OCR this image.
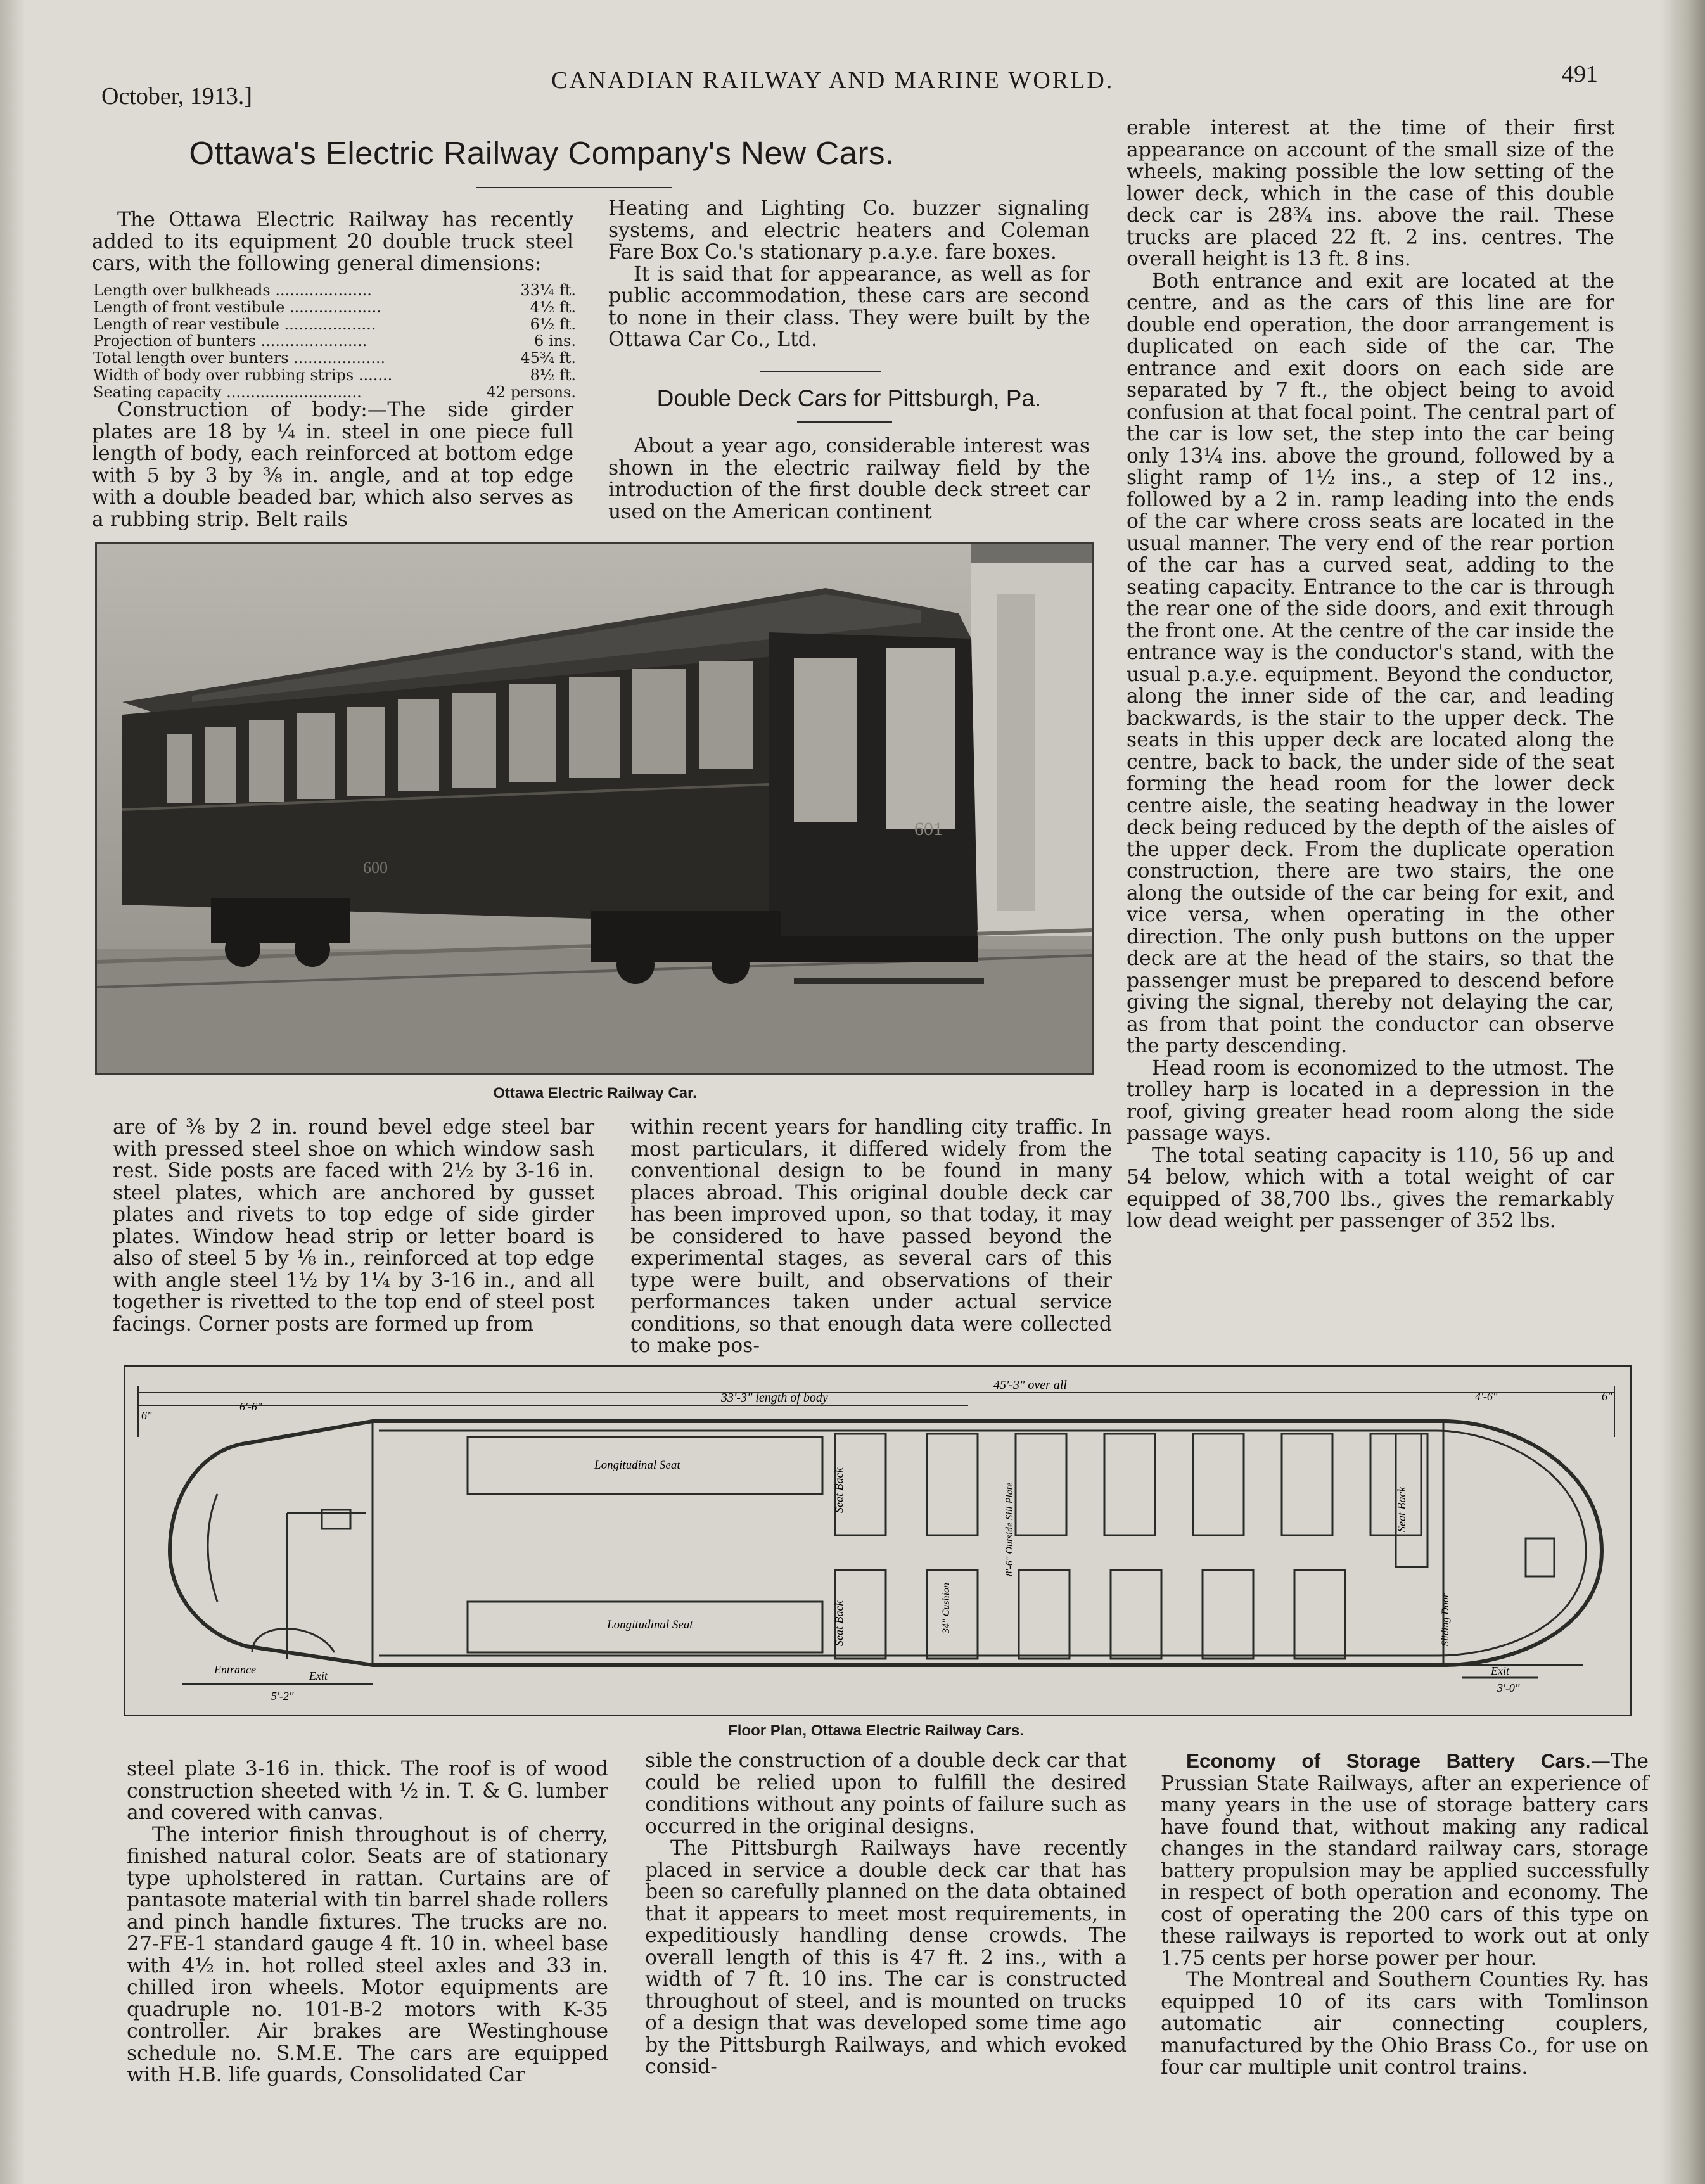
October, 1913.]
CANADIAN RAILWAY AND MARINE WORLD.	491
Ottawa's Electric Railway Company's New Cars.

The Ottawa Electric Railway has recently added to its equipment 20 double truck steel cars, with the following general dimensions:

Length over bulkheads ....................	33¼ ft.
Length of front vestibule ...................	4½ ft.
Length of rear vestibule ...................	6½ ft.
Projection of bunters ......................	6 ins.
Total length over bunters ...................	45¾ ft.
Width of body over rubbing strips .......	8½ ft.
Seating capacity ............................	42 persons.

Construction of body:—The side girder plates are 18 by ¼ in. steel in one piece full length of body, each reinforced at bottom edge with 5 by 3 by ⅜ in. angle, and at top edge with a double beaded bar, which also serves as a rubbing strip. Belt rails

Heating and Lighting Co. buzzer signaling systems, and electric heaters and Coleman Fare Box Co.'s stationary p.a.y.e. fare boxes.

It is said that for appearance, as well as for public accommodation, these cars are second to none in their class. They were built by the Ottawa Car Co., Ltd.

Double Deck Cars for Pittsburgh, Pa.

About a year ago, considerable interest was shown in the electric railway field by the introduction of the first double deck street car used on the American continent

erable interest at the time of their first appearance on account of the small size of the wheels, making possible the low setting of the lower deck, which in the case of this double deck car is 28¾ ins. above the rail. These trucks are placed 22 ft. 2 ins. centres. The overall height is 13 ft. 8 ins.

Both entrance and exit are located at the centre, and as the cars of this line are for double end operation, the door arrangement is duplicated on each side of the car. The entrance and exit doors on each side are separated by 7 ft., the object being to avoid confusion at that focal point. The central part of the car is low set, the step into the car being only 13¼ ins. above the ground, followed by a slight ramp of 1½ ins., a step of 12 ins., followed by a 2 in. ramp leading into the ends of the car where cross seats are located in the usual manner. The very end of the rear portion of the car has a curved seat, adding to the seating capacity. Entrance to the car is through the rear one of the side doors, and exit through the front one. At the centre of the car inside the entrance way is the conductor's stand, with the usual p.a.y.e. equipment. Beyond the conductor, along the inner side of the car, and leading backwards, is the stair to the upper deck. The seats in this upper deck are located along the centre, back to back, the under side of the seat forming the head room for the lower deck centre aisle, the seating headway in the lower deck being reduced by the depth of the aisles of the upper deck. From the duplicate operation construction, there are two stairs, the one along the outside of the car being for exit, and vice versa, when operating in the other direction. The only push buttons on the upper deck are at the head of the stairs, so that the passenger must be prepared to descend before giving the signal, thereby not delaying the car, as from that point the conductor can observe the party descending.

Head room is economized to the utmost. The trolley harp is located in a depression in the roof, giving greater head room along the side passage ways.

The total seating capacity is 110, 56 up and 54 below, which with a total weight of car equipped of 38,700 lbs., gives the remarkably low dead weight per passenger of 352 lbs.

600
601
Ottawa Electric Railway Car.

are of ⅜ by 2 in. round bevel edge steel bar with pressed steel shoe on which window sash rest. Side posts are faced with 2½ by 3-16 in. steel plates, which are anchored by gusset plates and rivets to top edge of side girder plates. Window head strip or letter board is also of steel 5 by ⅛ in., reinforced at top edge with angle steel 1½ by 1¼ by 3-16 in., and all together is rivetted to the top end of steel post facings. Corner posts are formed up from

within recent years for handling city traffic. In most particulars, it differed widely from the conventional design to be found in many places abroad. This original double deck car has been improved upon, so that today, it may be considered to have passed beyond the experimental stages, as several cars of this type were built, and observations of their performances taken under actual service conditions, so that enough data were collected to make pos-

45'-3" over all
33'-3" length of body
6"
6'-6"
4'-6"	6"
Longitudinal Seat
Longitudinal Seat
Seat Back
Seat Back
Seat Back
34" Cushion
8'-6" Outside Sill Plate
Sliding Door
Entrance	Exit	Exit
5'-2"
3'-0"
Floor Plan, Ottawa Electric Railway Cars.

steel plate 3-16 in. thick. The roof is of wood construction sheeted with ½ in. T. & G. lumber and covered with canvas.

The interior finish throughout is of cherry, finished natural color. Seats are of stationary type upholstered in rattan. Curtains are of pantasote material with tin barrel shade rollers and pinch handle fixtures. The trucks are no. 27-FE-1 standard gauge 4 ft. 10 in. wheel base with 4½ in. hot rolled steel axles and 33 in. chilled iron wheels. Motor equipments are quadruple no. 101-B-2 motors with K-35 controller. Air brakes are Westinghouse schedule no. S.M.E. The cars are equipped with H.B. life guards, Consolidated Car

sible the construction of a double deck car that could be relied upon to fulfill the desired conditions without any points of failure such as occurred in the original designs.

The Pittsburgh Railways have recently placed in service a double deck car that has been so carefully planned on the data obtained that it appears to meet most requirements, in expeditiously handling dense crowds. The overall length of this is 47 ft. 2 ins., with a width of 7 ft. 10 ins. The car is constructed throughout of steel, and is mounted on trucks of a design that was developed some time ago by the Pittsburgh Railways, and which evoked consid-

Economy of Storage Battery Cars.—The Prussian State Railways, after an experience of many years in the use of storage battery cars have found that, without making any radical changes in the standard railway cars, storage battery propulsion may be applied successfully in respect of both operation and economy. The cost of operating the 200 cars of this type on these railways is reported to work out at only 1.75 cents per horse power per hour.

The Montreal and Southern Counties Ry. has equipped 10 of its cars with Tomlinson automatic air connecting couplers, manufactured by the Ohio Brass Co., for use on four car multiple unit control trains.
